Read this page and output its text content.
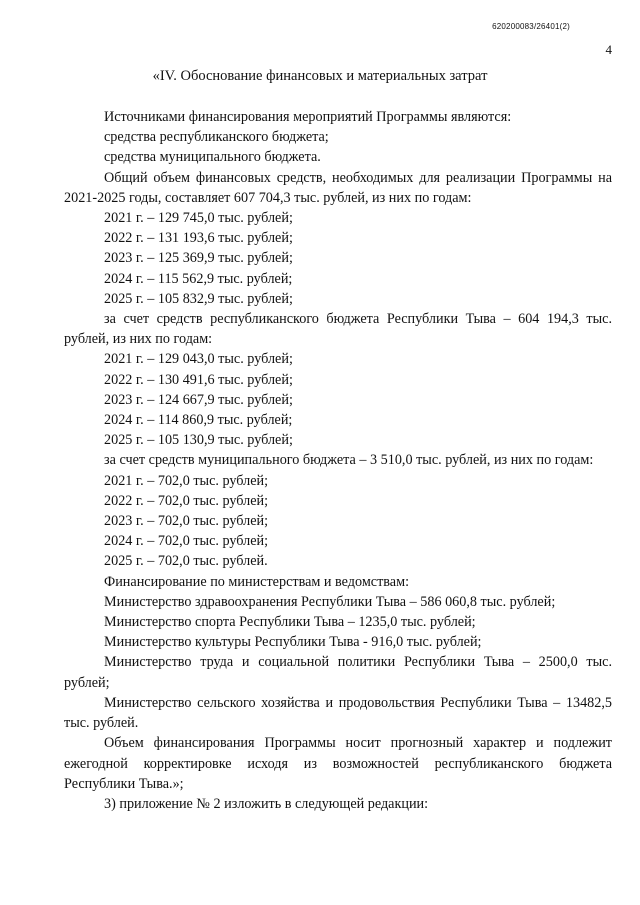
620200083/26401(2)
4
«IV. Обоснование финансовых и материальных затрат

Источниками финансирования мероприятий Программы являются:

средства республиканского бюджета;

средства муниципального бюджета.

Общий объем финансовых средств, необходимых для реализации Программы на 2021-2025 годы, составляет 607 704,3 тыс. рублей, из них по годам:

2021 г. – 129 745,0 тыс. рублей;

2022 г. – 131 193,6 тыс. рублей;

2023 г. – 125 369,9 тыс. рублей;

2024 г. – 115 562,9 тыс. рублей;

2025 г. – 105 832,9 тыс. рублей;

за счет средств республиканского бюджета Республики Тыва – 604 194,3 тыс. рублей, из них по годам:

2021 г. – 129 043,0 тыс. рублей;

2022 г. – 130 491,6 тыс. рублей;

2023 г. – 124 667,9 тыс. рублей;

2024 г. – 114 860,9 тыс. рублей;

2025 г. – 105 130,9 тыс. рублей;

за счет средств муниципального бюджета – 3 510,0 тыс. рублей, из них по годам:

2021 г. – 702,0 тыс. рублей;

2022 г. – 702,0 тыс. рублей;

2023 г. – 702,0 тыс. рублей;

2024 г. – 702,0 тыс. рублей;

2025 г. – 702,0 тыс. рублей.

Финансирование по министерствам и ведомствам:

Министерство здравоохранения Республики Тыва – 586 060,8 тыс. рублей;

Министерство спорта Республики Тыва – 1235,0 тыс. рублей;

Министерство культуры Республики Тыва - 916,0 тыс. рублей;

Министерство труда и социальной политики Республики Тыва – 2500,0 тыс. рублей;

Министерство сельского хозяйства и продовольствия Республики Тыва – 13482,5 тыс. рублей.

Объем финансирования Программы носит прогнозный характер и подлежит ежегодной корректировке исходя из возможностей республиканского бюджета Республики Тыва.»;

3) приложение № 2 изложить в следующей редакции:
